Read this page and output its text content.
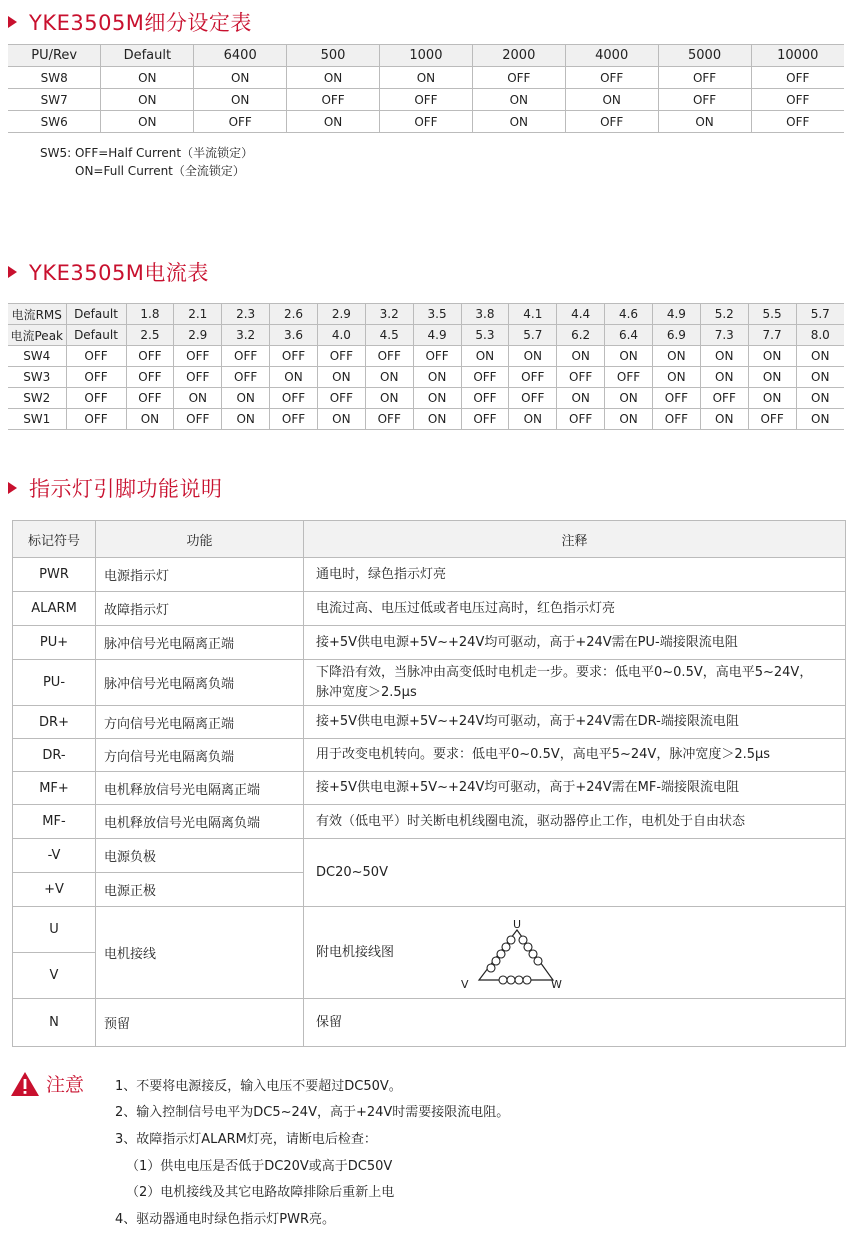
YKE3505M细分设定表
PU/Rev	Default	6400	500	1000	2000	4000	5000	10000
SW8	ON	ON	ON	ON	OFF	OFF	OFF	OFF
SW7	ON	ON	OFF	OFF	ON	ON	OFF	OFF
SW6	ON	OFF	ON	OFF	ON	OFF	ON	OFF
SW5: OFF=Half Current（半流锁定）
ON=Full Current（全流锁定）
YKE3505M电流表
电流RMS	Default	1.8	2.1	2.3	2.6	2.9	3.2	3.5	3.8	4.1	4.4	4.6	4.9	5.2	5.5	5.7
电流Peak	Default	2.5	2.9	3.2	3.6	4.0	4.5	4.9	5.3	5.7	6.2	6.4	6.9	7.3	7.7	8.0
SW4	OFF	OFF	OFF	OFF	OFF	OFF	OFF	OFF	ON	ON	ON	ON	ON	ON	ON	ON
SW3	OFF	OFF	OFF	OFF	ON	ON	ON	ON	OFF	OFF	OFF	OFF	ON	ON	ON	ON
SW2	OFF	OFF	ON	ON	OFF	OFF	ON	ON	OFF	OFF	ON	ON	OFF	OFF	ON	ON
SW1	OFF	ON	OFF	ON	OFF	ON	OFF	ON	OFF	ON	OFF	ON	OFF	ON	OFF	ON
指示灯引脚功能说明
标记符号	功能	注释
PWR	电源指示灯	通电时，绿色指示灯亮
ALARM	故障指示灯	电流过高、电压过低或者电压过高时，红色指示灯亮
PU+	脉冲信号光电隔离正端	接+5V供电电源+5V~+24V均可驱动，高于+24V需在PU-端接限流电阻
PU-	脉冲信号光电隔离负端	下降沿有效，当脉冲由高变低时电机走一步。要求：低电平0~0.5V，高电平5~24V，
脉冲宽度＞2.5μs

DR+	方向信号光电隔离正端	接+5V供电电源+5V~+24V均可驱动，高于+24V需在DR-端接限流电阻
DR-	方向信号光电隔离负端	用于改变电机转向。要求：低电平0~0.5V，高电平5~24V，脉冲宽度＞2.5μs
MF+	电机释放信号光电隔离正端	接+5V供电电源+5V~+24V均可驱动，高于+24V需在MF-端接限流电阻
MF-	电机释放信号光电隔离负端	有效（低电平）时关断电机线圈电流，驱动器停止工作，电机处于自由状态
-V	电源负极	DC20~50V
+V	电源正极	
U	电机接线	附电机接线图
V		
N	预留	保留
U
V	W
注意 1、不要将电源接反，输入电压不要超过DC50V。
2、输入控制信号电平为DC5~24V，高于+24V时需要接限流电阻。
3、故障指示灯ALARM灯亮，请断电后检查：
（1）供电电压是否低于DC20V或高于DC50V
（2）电机接线及其它电路故障排除后重新上电
4、驱动器通电时绿色指示灯PWR亮。
